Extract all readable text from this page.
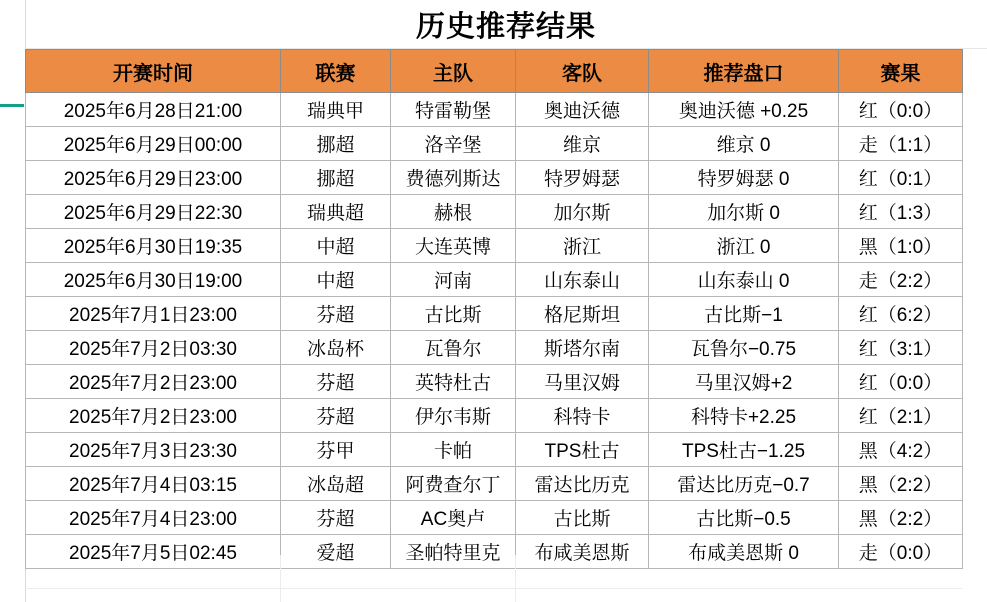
历史推荐结果
开赛时间	联赛	主队	客队	推荐盘口	赛果
2025年6月28日21:00	瑞典甲	特雷勒堡	奥迪沃德	奥迪沃德 +0.25	红（0:0）
2025年6月29日00:00	挪超	洛辛堡	维京	维京 0	走（1:1）
2025年6月29日23:00	挪超	费德列斯达	特罗姆瑟	特罗姆瑟 0	红（0:1）
2025年6月29日22:30	瑞典超	赫根	加尔斯	加尔斯 0	红（1:3）
2025年6月30日19:35	中超	大连英博	浙江	浙江 0	黑（1:0）
2025年6月30日19:00	中超	河南	山东泰山	山东泰山 0	走（2:2）
2025年7月1日23:00	芬超	古比斯	格尼斯坦	古比斯−1	红（6:2）
2025年7月2日03:30	冰岛杯	瓦鲁尔	斯塔尔南	瓦鲁尔−0.75	红（3:1）
2025年7月2日23:00	芬超	英特杜古	马里汉姆	马里汉姆+2	红（0:0）
2025年7月2日23:00	芬超	伊尔韦斯	科特卡	科特卡+2.25	红（2:1）
2025年7月3日23:30	芬甲	卡帕	TPS杜古	TPS杜古−1.25	黑（4:2）
2025年7月4日03:15	冰岛超	阿费查尔丁	雷达比历克	雷达比历克−0.7	黑（2:2）
2025年7月4日23:00	芬超	AC奥卢	古比斯	古比斯−0.5	黑（2:2）
2025年7月5日02:45	爱超	圣帕特里克	布咸美恩斯	布咸美恩斯 0	走（0:0）
